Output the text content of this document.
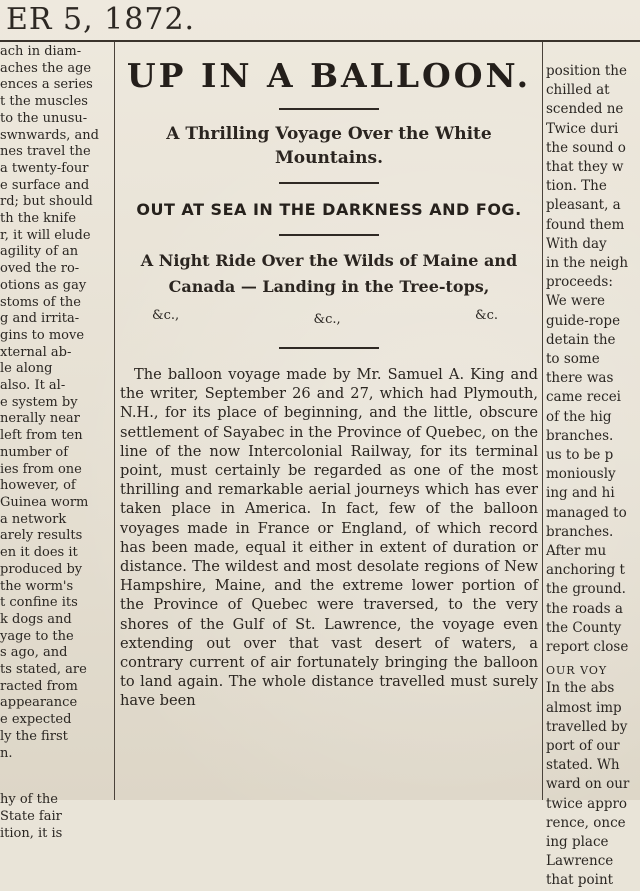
ER 5, 1872.
ach in diam-
aches the age
ences a series
t the muscles
to the unusu-
swnwards, and
nes travel the
a twenty-four
e surface and
rd; but should
th the knife
r, it will elude
agility of an
oved the ro-
otions as gay
stoms of the
g and irrita-
gins to move
xternal ab-
le along
also. It al-
e system by
nerally near
left from ten
number of
ies from one
however, of
Guinea worm
a network
arely results
en it does it
produced by
the worm's
t confine its
k dogs and
yage to the
s ago, and
ts stated, are
racted from
appearance
e expected
ly the first
n.
hy of the
State fair
ition, it is
UP IN A BALLOON.
A Thrilling Voyage Over the White Mountains.
OUT AT SEA IN THE DARKNESS AND FOG.
A Night Ride Over the Wilds of Maine and Canada — Landing in the Tree-tops,
&c.,	&c.,	&c.
The balloon voyage made by Mr. Samuel A. King and the writer, September 26 and 27, which had Plymouth, N.H., for its place of beginning, and the little, obscure settlement of Sayabec in the Province of Quebec, on the line of the now Intercolonial Railway, for its terminal point, must certainly be regarded as one of the most thrilling and remarkable aerial journeys which has ever taken place in America. In fact, few of the balloon voyages made in France or England, of which record has been made, equal it either in extent of duration or distance. The wildest and most desolate regions of New Hampshire, Maine, and the extreme lower portion of the Province of Quebec were traversed, to the very shores of the Gulf of St. Lawrence, the voyage even extending out over that vast desert of waters, a contrary current of air fortunately bringing the balloon to land again. The whole distance travelled must surely have been
position the
chilled at
scended ne
Twice duri
the sound o
that they w
tion. The
pleasant, a
found them
With day
in the neigh
proceeds:
We were
guide-rope
detain the
to some
there was
came recei
of the hig
branches.
us to be p
moniously
ing and hi
managed to
branches.
After mu
anchoring t
the ground.
the roads a
the County
report close
OUR VOY
In the abs
almost imp
travelled by
port of our
stated. Wh
ward on our
twice appro
rence, once
ing place
Lawrence
that point
